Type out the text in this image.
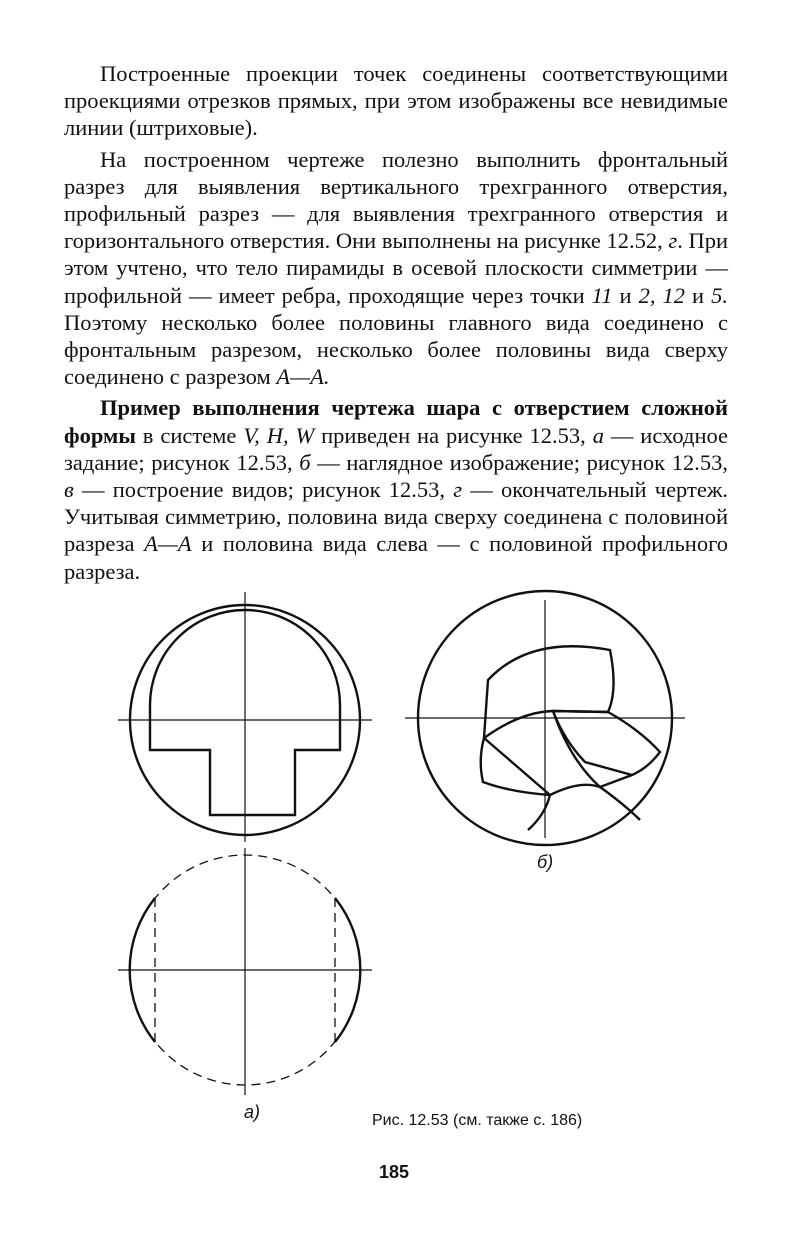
Построенные проекции точек соединены соответствующими проекциями отрезков прямых, при этом изображены все невидимые линии (штриховые).

На построенном чертеже полезно выполнить фронтальный разрез для выявления вертикального трехгранного отверстия, профильный разрез — для выявления трехгранного отверстия и горизонтального отверстия. Они выполнены на рисунке 12.52, г. При этом учтено, что тело пирамиды в осевой плоскости симметрии — профильной — имеет ребра, проходящие через точки 11 и 2, 12 и 5. Поэтому несколько более половины главного вида соединено с фронтальным разрезом, несколько более половины вида сверху соединено с разрезом А—А.

Пример выполнения чертежа шара с отверстием сложной формы в системе V, H, W приведен на рисунке 12.53, а — исходное задание; рисунок 12.53, б — наглядное изображение; рисунок 12.53, в — построение видов; рисунок 12.53, г — окончательный чертеж. Учитывая симметрию, половина вида сверху соединена с половиной разреза А—А и половина вида слева — с половиной профильного разреза.

а)
б)
Рис. 12.53 (см. также с. 186)
185
